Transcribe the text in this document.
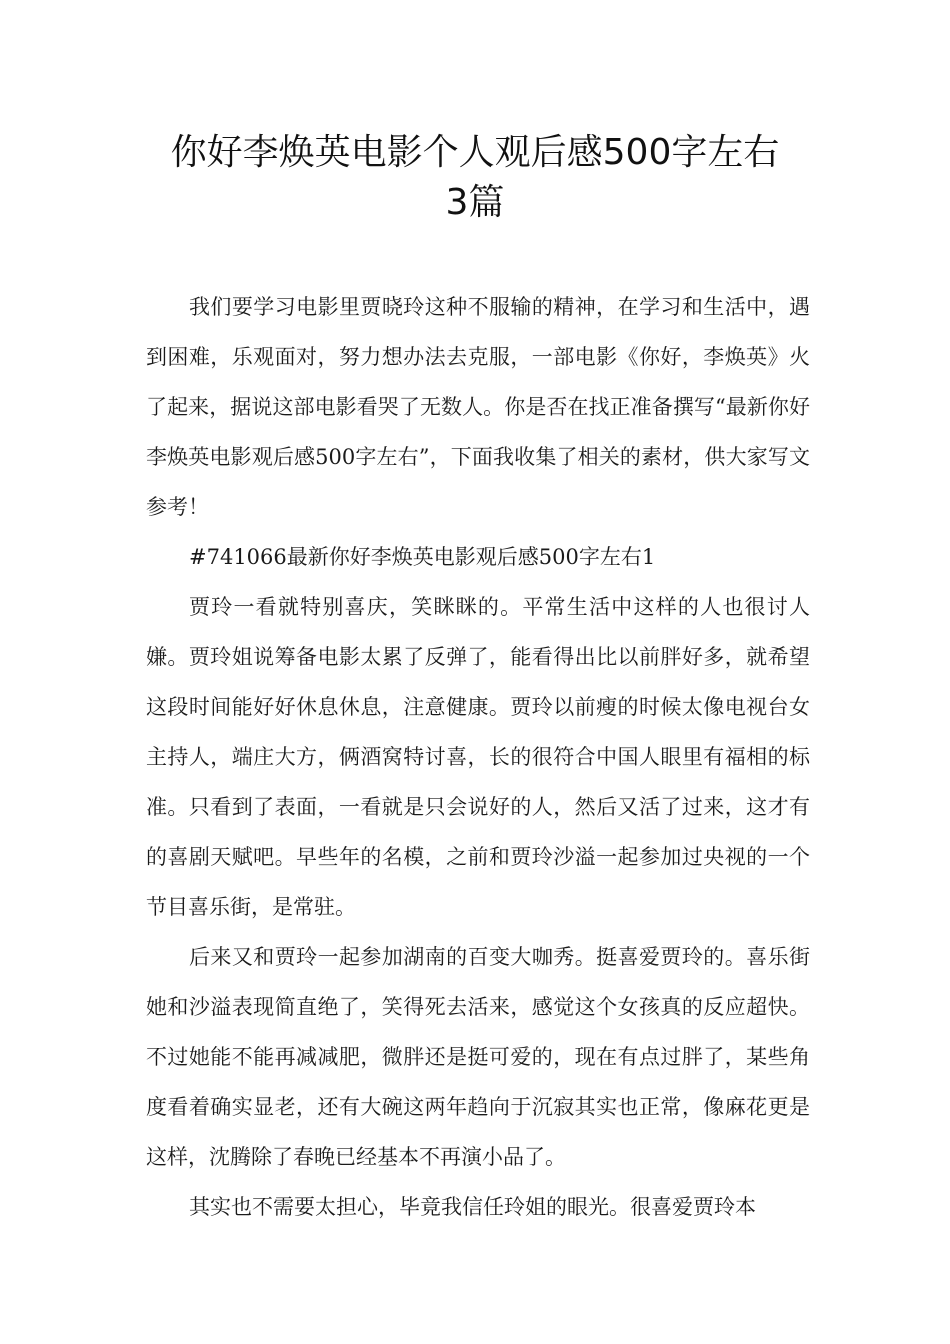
你好李焕英电影个人观后感500字左右
3篇

我们要学习电影里贾晓玲这种不服输的精神，在学习和生活中，遇到困难，乐观面对，努力想办法去克服，一部电影《你好，李焕英》火了起来，据说这部电影看哭了无数人。你是否在找正准备撰写“最新你好李焕英电影观后感500字左右”，下面我收集了相关的素材，供大家写文参考！

#741066最新你好李焕英电影观后感500字左右1

贾玲一看就特别喜庆，笑眯眯的。平常生活中这样的人也很讨人嫌。贾玲姐说筹备电影太累了反弹了，能看得出比以前胖好多，就希望这段时间能好好休息休息，注意健康。贾玲以前瘦的时候太像电视台女主持人，端庄大方，俩酒窝特讨喜，长的很符合中国人眼里有福相的标准。只看到了表面，一看就是只会说好的人，然后又活了过来，这才有的喜剧天赋吧。早些年的名模，之前和贾玲沙溢一起参加过央视的一个节目喜乐街，是常驻。

后来又和贾玲一起参加湖南的百变大咖秀。挺喜爱贾玲的。喜乐街她和沙溢表现简直绝了，笑得死去活来，感觉这个女孩真的反应超快。不过她能不能再减减肥，微胖还是挺可爱的，现在有点过胖了，某些角度看着确实显老，还有大碗这两年趋向于沉寂其实也正常，像麻花更是这样，沈腾除了春晚已经基本不再演小品了。

其实也不需要太担心，毕竟我信任玲姐的眼光。很喜爱贾玲本
